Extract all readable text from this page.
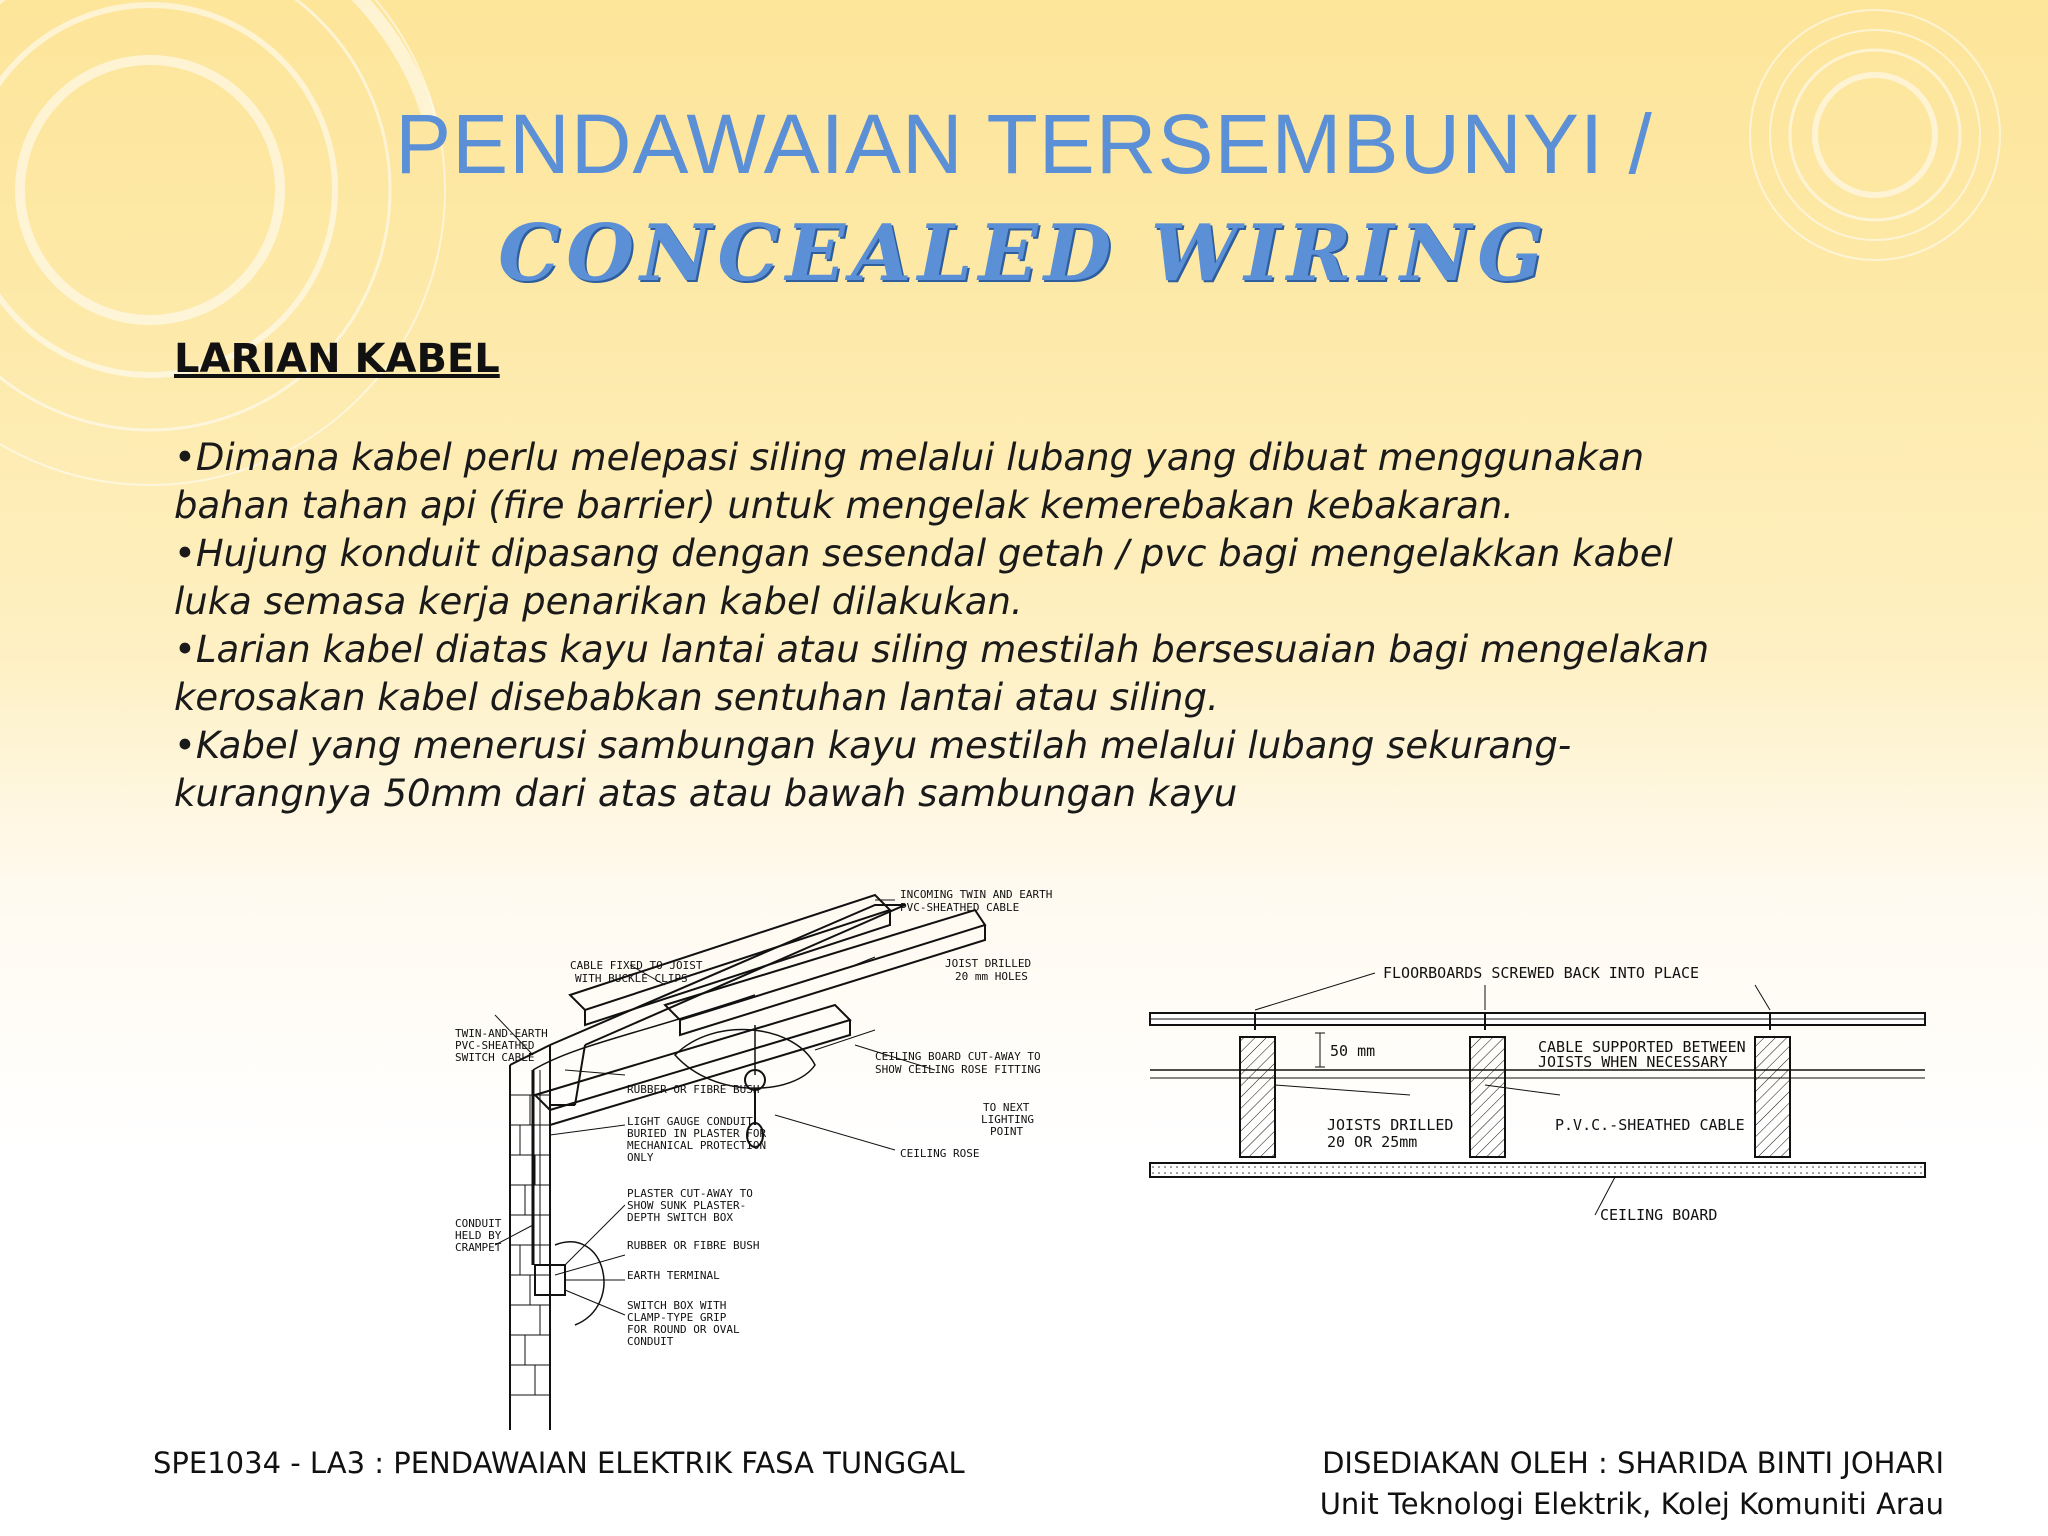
PENDAWAIAN TERSEMBUNYI /
CONCEALED WIRING
LARIAN KABEL

•Dimana kabel perlu melepasi siling melalui lubang yang dibuat menggunakan bahan tahan api (fire barrier) untuk mengelak kemerebakan kebakaran.

•Hujung konduit dipasang dengan sesendal getah / pvc bagi mengelakkan kabel luka semasa kerja penarikan kabel dilakukan.

•Larian kabel diatas kayu lantai atau siling mestilah bersesuaian bagi mengelakan kerosakan kabel disebabkan sentuhan lantai atau siling.

•Kabel yang menerusi sambungan kayu mestilah melalui lubang sekurang-kurangnya 50mm dari atas atau bawah sambungan kayu

INCOMING TWIN AND EARTH
PVC-SHEATHED CABLE
CABLE FIXED TO JOIST
WITH BUCKLE CLIPS
JOIST DRILLED
20 mm HOLES
TWIN-AND-EARTH
PVC-SHEATHED
SWITCH CABLE	CEILING BOARD CUT-AWAY TO
SHOW CEILING ROSE FITTING
RUBBER OR FIBRE BUSH
TO NEXT
LIGHTING
POINT
LIGHT GAUGE CONDUIT
BURIED IN PLASTER FOR
MECHANICAL PROTECTION
ONLY	CEILING ROSE
PLASTER CUT-AWAY TO
SHOW SUNK PLASTER-
DEPTH SWITCH BOX
CONDUIT
HELD BY
CRAMPET	RUBBER OR FIBRE BUSH
EARTH TERMINAL
SWITCH BOX WITH
CLAMP-TYPE GRIP
FOR ROUND OR OVAL
CONDUIT
FLOORBOARDS SCREWED BACK INTO PLACE
50 mm	CABLE SUPPORTED BETWEEN
JOISTS WHEN NECESSARY
JOISTS DRILLED
20 OR 25mm
P.V.C.-SHEATHED CABLE
CEILING BOARD
SPE1034 - LA3 : PENDAWAIAN ELEKTRIK FASA TUNGGAL	DISEDIAKAN OLEH : SHARIDA BINTI JOHARI
Unit Teknologi Elektrik, Kolej Komuniti Arau
